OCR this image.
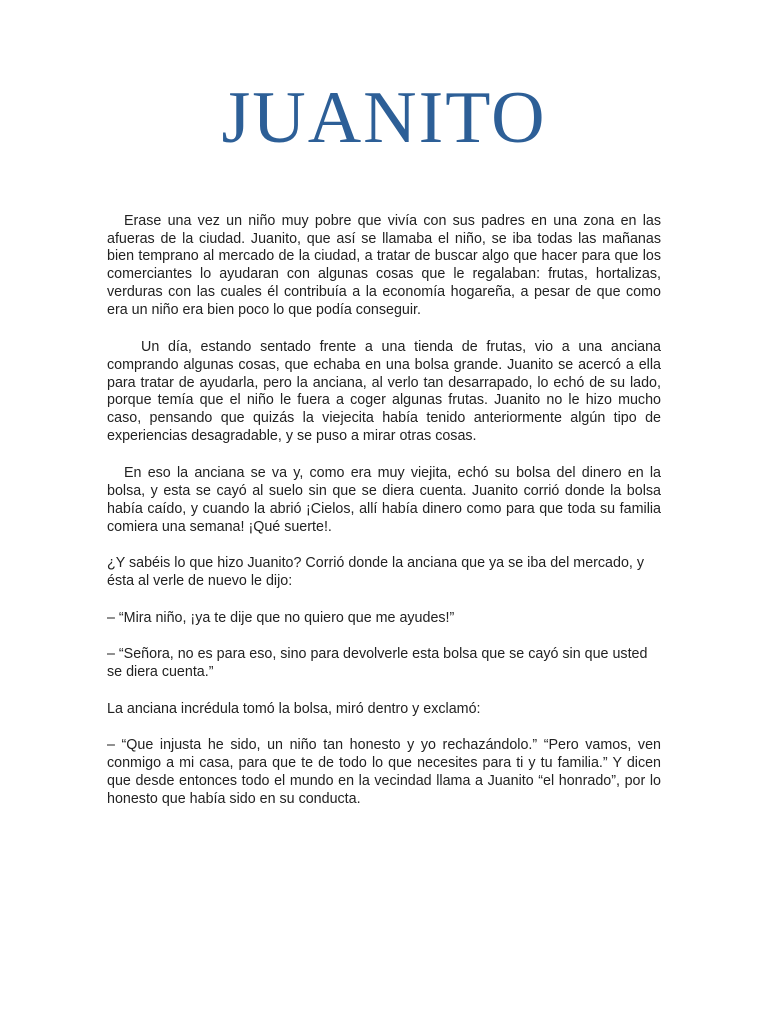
JUANITO

Erase una vez un niño muy pobre que vivía con sus padres en una zona en las afueras de la ciudad. Juanito, que así se llamaba el niño, se iba todas las mañanas bien temprano al mercado de la ciudad, a tratar de buscar algo que hacer para que los comerciantes lo ayudaran con algunas cosas que le regalaban: frutas, hortalizas, verduras con las cuales él contribuía a la economía hogareña, a pesar de que como era un niño era bien poco lo que podía conseguir.

Un día, estando sentado frente a una tienda de frutas, vio a una anciana comprando algunas cosas, que echaba en una bolsa grande. Juanito se acercó a ella para tratar de ayudarla, pero la anciana, al verlo tan desarrapado, lo echó de su lado, porque temía que el niño le fuera a coger algunas frutas. Juanito no le hizo mucho caso, pensando que quizás la viejecita había tenido anteriormente algún tipo de experiencias desagradable, y se puso a mirar otras cosas.

En eso la anciana se va y, como era muy viejita, echó su bolsa del dinero en la bolsa, y esta se cayó al suelo sin que se diera cuenta. Juanito corrió donde la bolsa había caído, y cuando la abrió ¡Cielos, allí había dinero como para que toda su familia comiera una semana! ¡Qué suerte!.

¿Y sabéis lo que hizo Juanito? Corrió donde la anciana que ya se iba del mercado, y ésta al verle de nuevo le dijo:

– “Mira niño, ¡ya te dije que no quiero que me ayudes!”

– “Señora, no es para eso, sino para devolverle esta bolsa que se cayó sin que usted se diera cuenta.”

La anciana incrédula tomó la bolsa, miró dentro y exclamó:

– “Que injusta he sido, un niño tan honesto y yo rechazándolo.” “Pero vamos, ven conmigo a mi casa, para que te de todo lo que necesites para ti y tu familia.” Y dicen que desde entonces todo el mundo en la vecindad llama a Juanito “el honrado”, por lo honesto que había sido en su conducta.
